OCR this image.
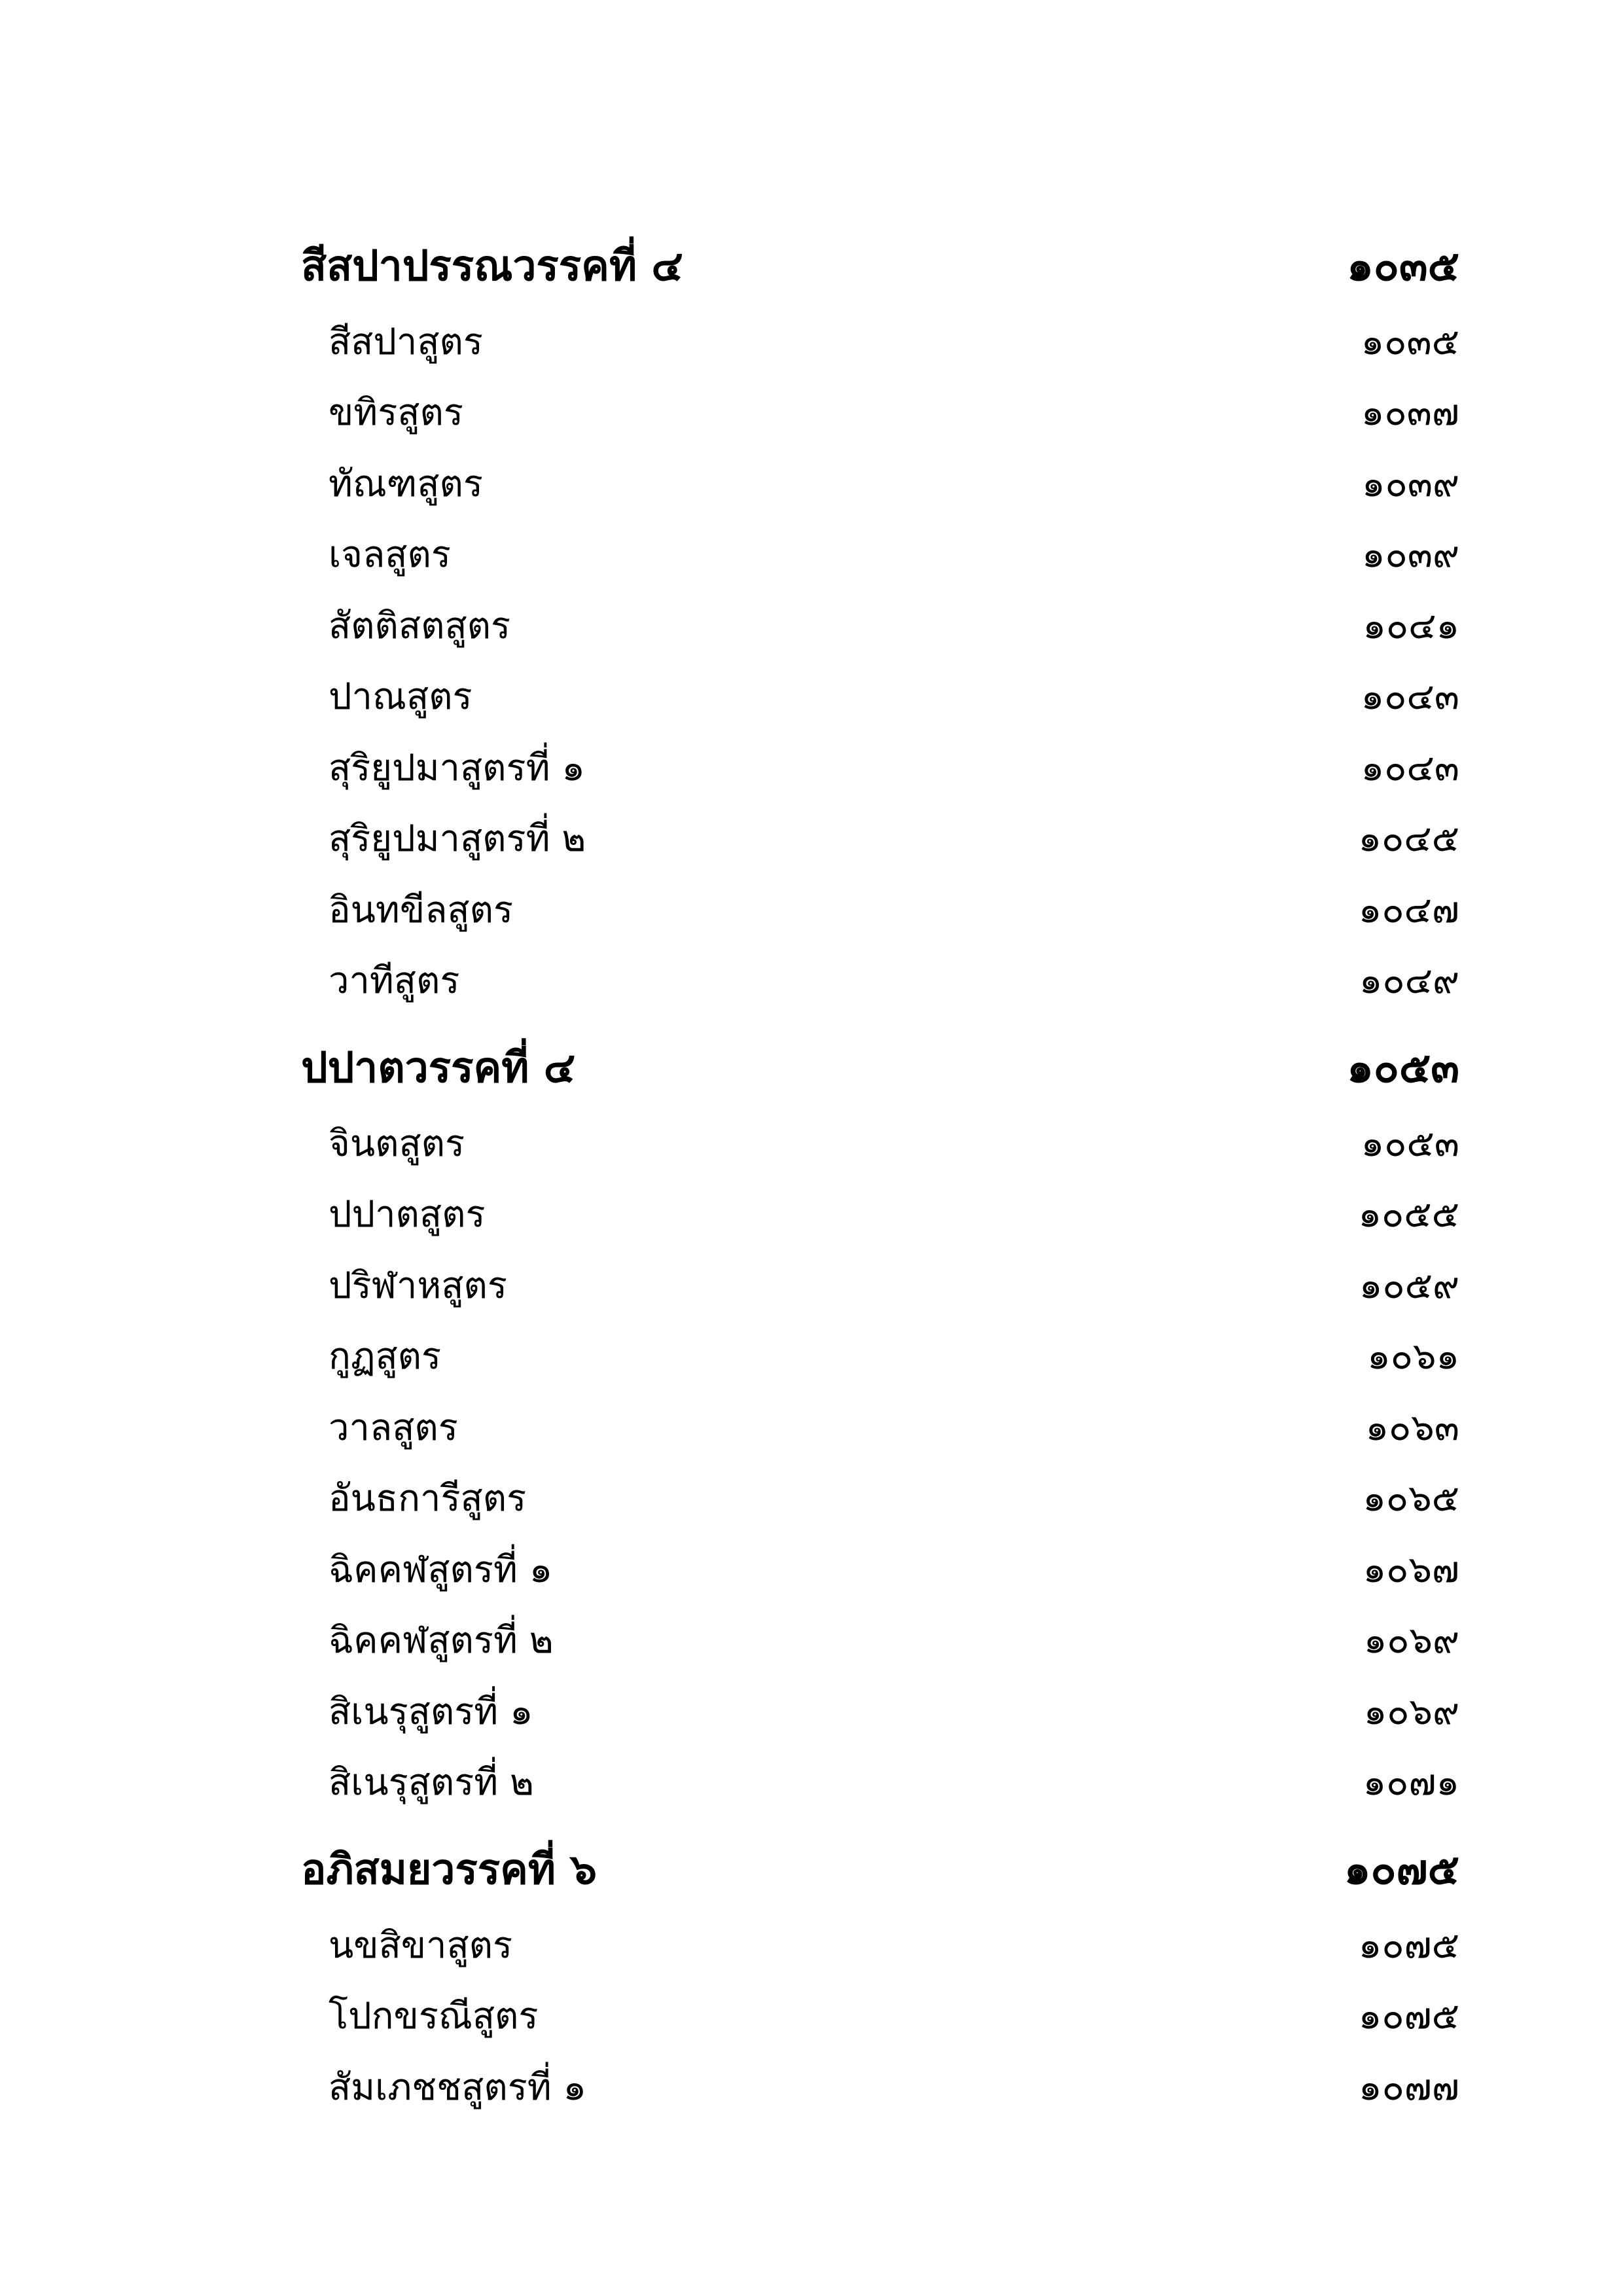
สีสปาปรรณวรรคที่ ๔	๑๐๓๕
สีสปาสูตร	๑๐๓๕
ขทิรสูตร	๑๐๓๗
ทัณฑสูตร	๑๐๓๙
เจลสูตร	๑๐๓๙
สัตติสตสูตร	๑๐๔๑
ปาณสูตร	๑๐๔๓
สุริยูปมาสูตรที่ ๑	๑๐๔๓
สุริยูปมาสูตรที่ ๒	๑๐๔๕
อินทขีลสูตร	๑๐๔๗
วาทีสูตร	๑๐๔๙
ปปาตวรรคที่ ๔	๑๐๕๓
จินตสูตร	๑๐๕๓
ปปาตสูตร	๑๐๕๕
ปริฬาหสูตร	๑๐๕๙
กูฏสูตร	๑๐๖๑
วาลสูตร	๑๐๖๓
อันธการีสูตร	๑๐๖๕
ฉิคคฬสูตรที่ ๑	๑๐๖๗
ฉิคคฬสูตรที่ ๒	๑๐๖๙
สิเนรุสูตรที่ ๑	๑๐๖๙
สิเนรุสูตรที่ ๒	๑๐๗๑
อภิสมยวรรคที่ ๖	๑๐๗๕
นขสิขาสูตร	๑๐๗๕
โปกขรณีสูตร	๑๐๗๕
สัมเภชชสูตรที่ ๑	๑๐๗๗
